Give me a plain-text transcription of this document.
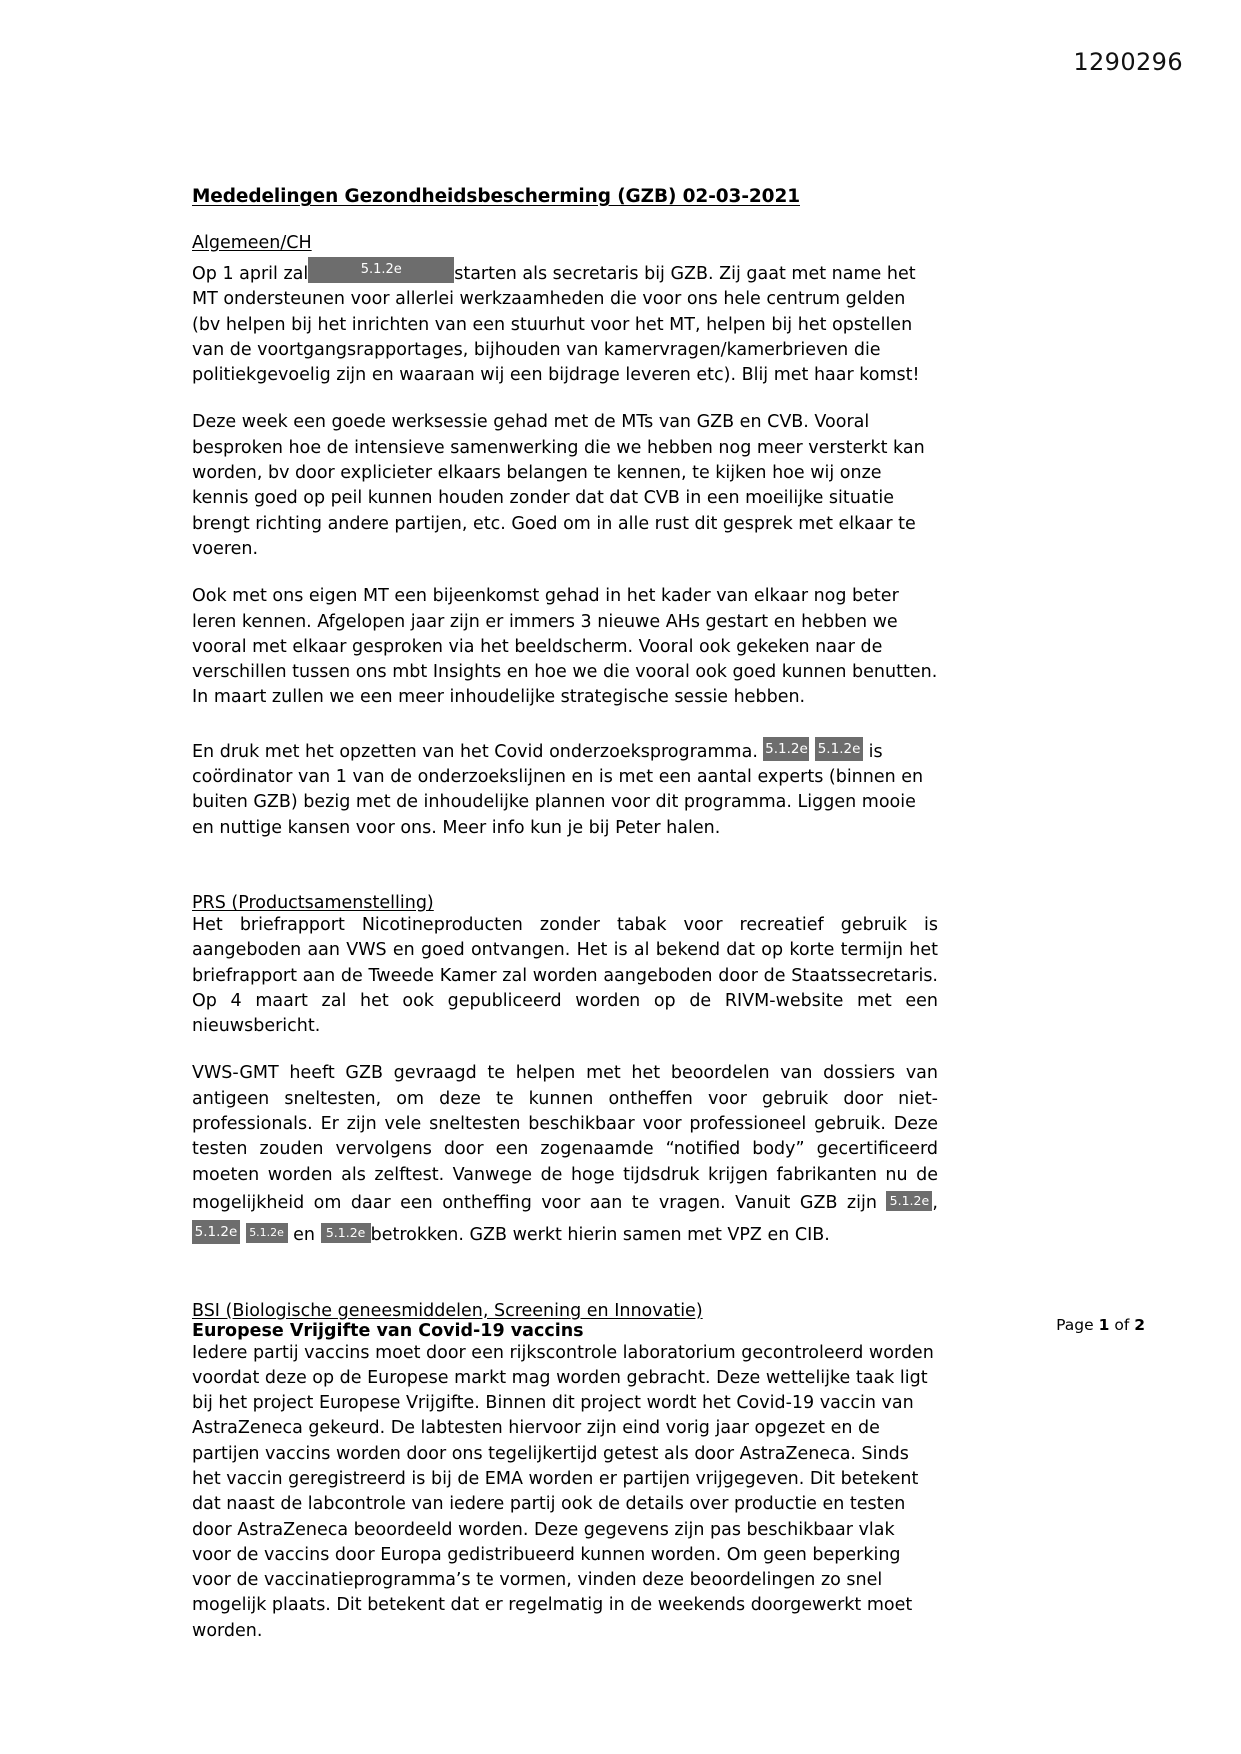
1290296
Mededelingen Gezondheidsbescherming (GZB) 02-03-2021
Algemeen/CH

Op 1 april zal	5.1.2e	starten als secretaris bij GZB. Zij gaat met name het MT ondersteunen voor allerlei werkzaamheden die voor ons hele centrum gelden (bv helpen bij het inrichten van een stuurhut voor het MT, helpen bij het opstellen van de voortgangsrapportages, bijhouden van kamervragen/kamerbrieven die politiekgevoelig zijn en waaraan wij een bijdrage leveren etc). Blij met haar komst!

Deze week een goede werksessie gehad met de MTs van GZB en CVB. Vooral besproken hoe de intensieve samenwerking die we hebben nog meer versterkt kan worden, bv door explicieter elkaars belangen te kennen, te kijken hoe wij onze kennis goed op peil kunnen houden zonder dat dat CVB in een moeilijke situatie brengt richting andere partijen, etc. Goed om in alle rust dit gesprek met elkaar te voeren.

Ook met ons eigen MT een bijeenkomst gehad in het kader van elkaar nog beter leren kennen. Afgelopen jaar zijn er immers 3 nieuwe AHs gestart en hebben we vooral met elkaar gesproken via het beeldscherm. Vooral ook gekeken naar de verschillen tussen ons mbt Insights en hoe we die vooral ook goed kunnen benutten. In maart zullen we een meer inhoudelijke strategische sessie hebben.

En druk met het opzetten van het Covid onderzoeksprogramma. 5.1.2e 5.1.2e is coördinator van 1 van de onderzoekslijnen en is met een aantal experts (binnen en buiten GZB) bezig met de inhoudelijke plannen voor dit programma. Liggen mooie en nuttige kansen voor ons. Meer info kun je bij Peter halen.

PRS (Productsamenstelling)

Het briefrapport Nicotineproducten zonder tabak voor recreatief gebruik is aangeboden aan VWS en goed ontvangen. Het is al bekend dat op korte termijn het briefrapport aan de Tweede Kamer zal worden aangeboden door de Staatssecretaris. Op 4 maart zal het ook gepubliceerd worden op de RIVM-website met een nieuwsbericht.

VWS-GMT heeft GZB gevraagd te helpen met het beoordelen van dossiers van antigeen sneltesten, om deze te kunnen ontheffen voor gebruik door niet-professionals. Er zijn vele sneltesten beschikbaar voor professioneel gebruik. Deze testen zouden vervolgens door een zogenaamde “notified body” gecertificeerd moeten worden als zelftest. Vanwege de hoge tijdsdruk krijgen fabrikanten nu de mogelijkheid om daar een ontheffing voor aan te vragen. Vanuit GZB zijn 5.1.2e , 5.1.2e 5.1.2e en 5.1.2e betrokken. GZB werkt hierin samen met VPZ en CIB.

BSI (Biologische geneesmiddelen, Screening en Innovatie)
Europese Vrijgifte van Covid-19 vaccins

Iedere partij vaccins moet door een rijkscontrole laboratorium gecontroleerd worden voordat deze op de Europese markt mag worden gebracht. Deze wettelijke taak ligt bij het project Europese Vrijgifte. Binnen dit project wordt het Covid-19 vaccin van AstraZeneca gekeurd. De labtesten hiervoor zijn eind vorig jaar opgezet en de partijen vaccins worden door ons tegelijkertijd getest als door AstraZeneca. Sinds het vaccin geregistreerd is bij de EMA worden er partijen vrijgegeven. Dit betekent dat naast de labcontrole van iedere partij ook de details over productie en testen door AstraZeneca beoordeeld worden. Deze gegevens zijn pas beschikbaar vlak voor de vaccins door Europa gedistribueerd kunnen worden. Om geen beperking voor de vaccinatieprogramma’s te vormen, vinden deze beoordelingen zo snel mogelijk plaats. Dit betekent dat er regelmatig in de weekends doorgewerkt moet worden.

Page 1 of 2
